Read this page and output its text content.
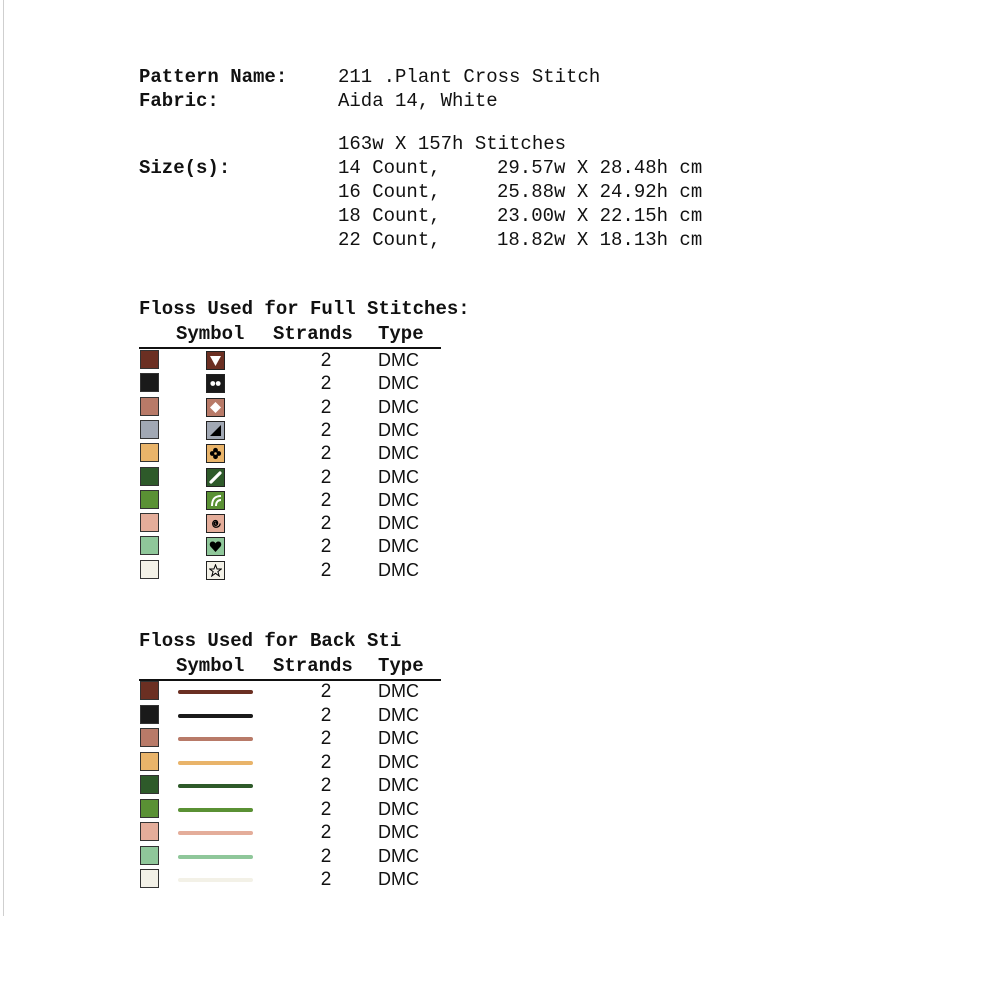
Pattern Name:	211 .Plant Cross Stitch
Fabric:	Aida 14, White
163w X 157h Stitches
Size(s):	14 Count,	29.57w X 28.48h cm
16 Count,	25.88w X 24.92h cm
18 Count,	23.00w X 22.15h cm
22 Count,	18.82w X 18.13h cm
Floss Used for Full Stitches:
Symbol Strands Type
2	DMC
2	DMC
2	DMC
2	DMC
2	DMC
2	DMC
2	DMC
2	DMC
2	DMC
2	DMC
Floss Used for Back Sti
Symbol Strands Type
2	DMC
2	DMC
2	DMC
2	DMC
2	DMC
2	DMC
2	DMC
2	DMC
2	DMC
